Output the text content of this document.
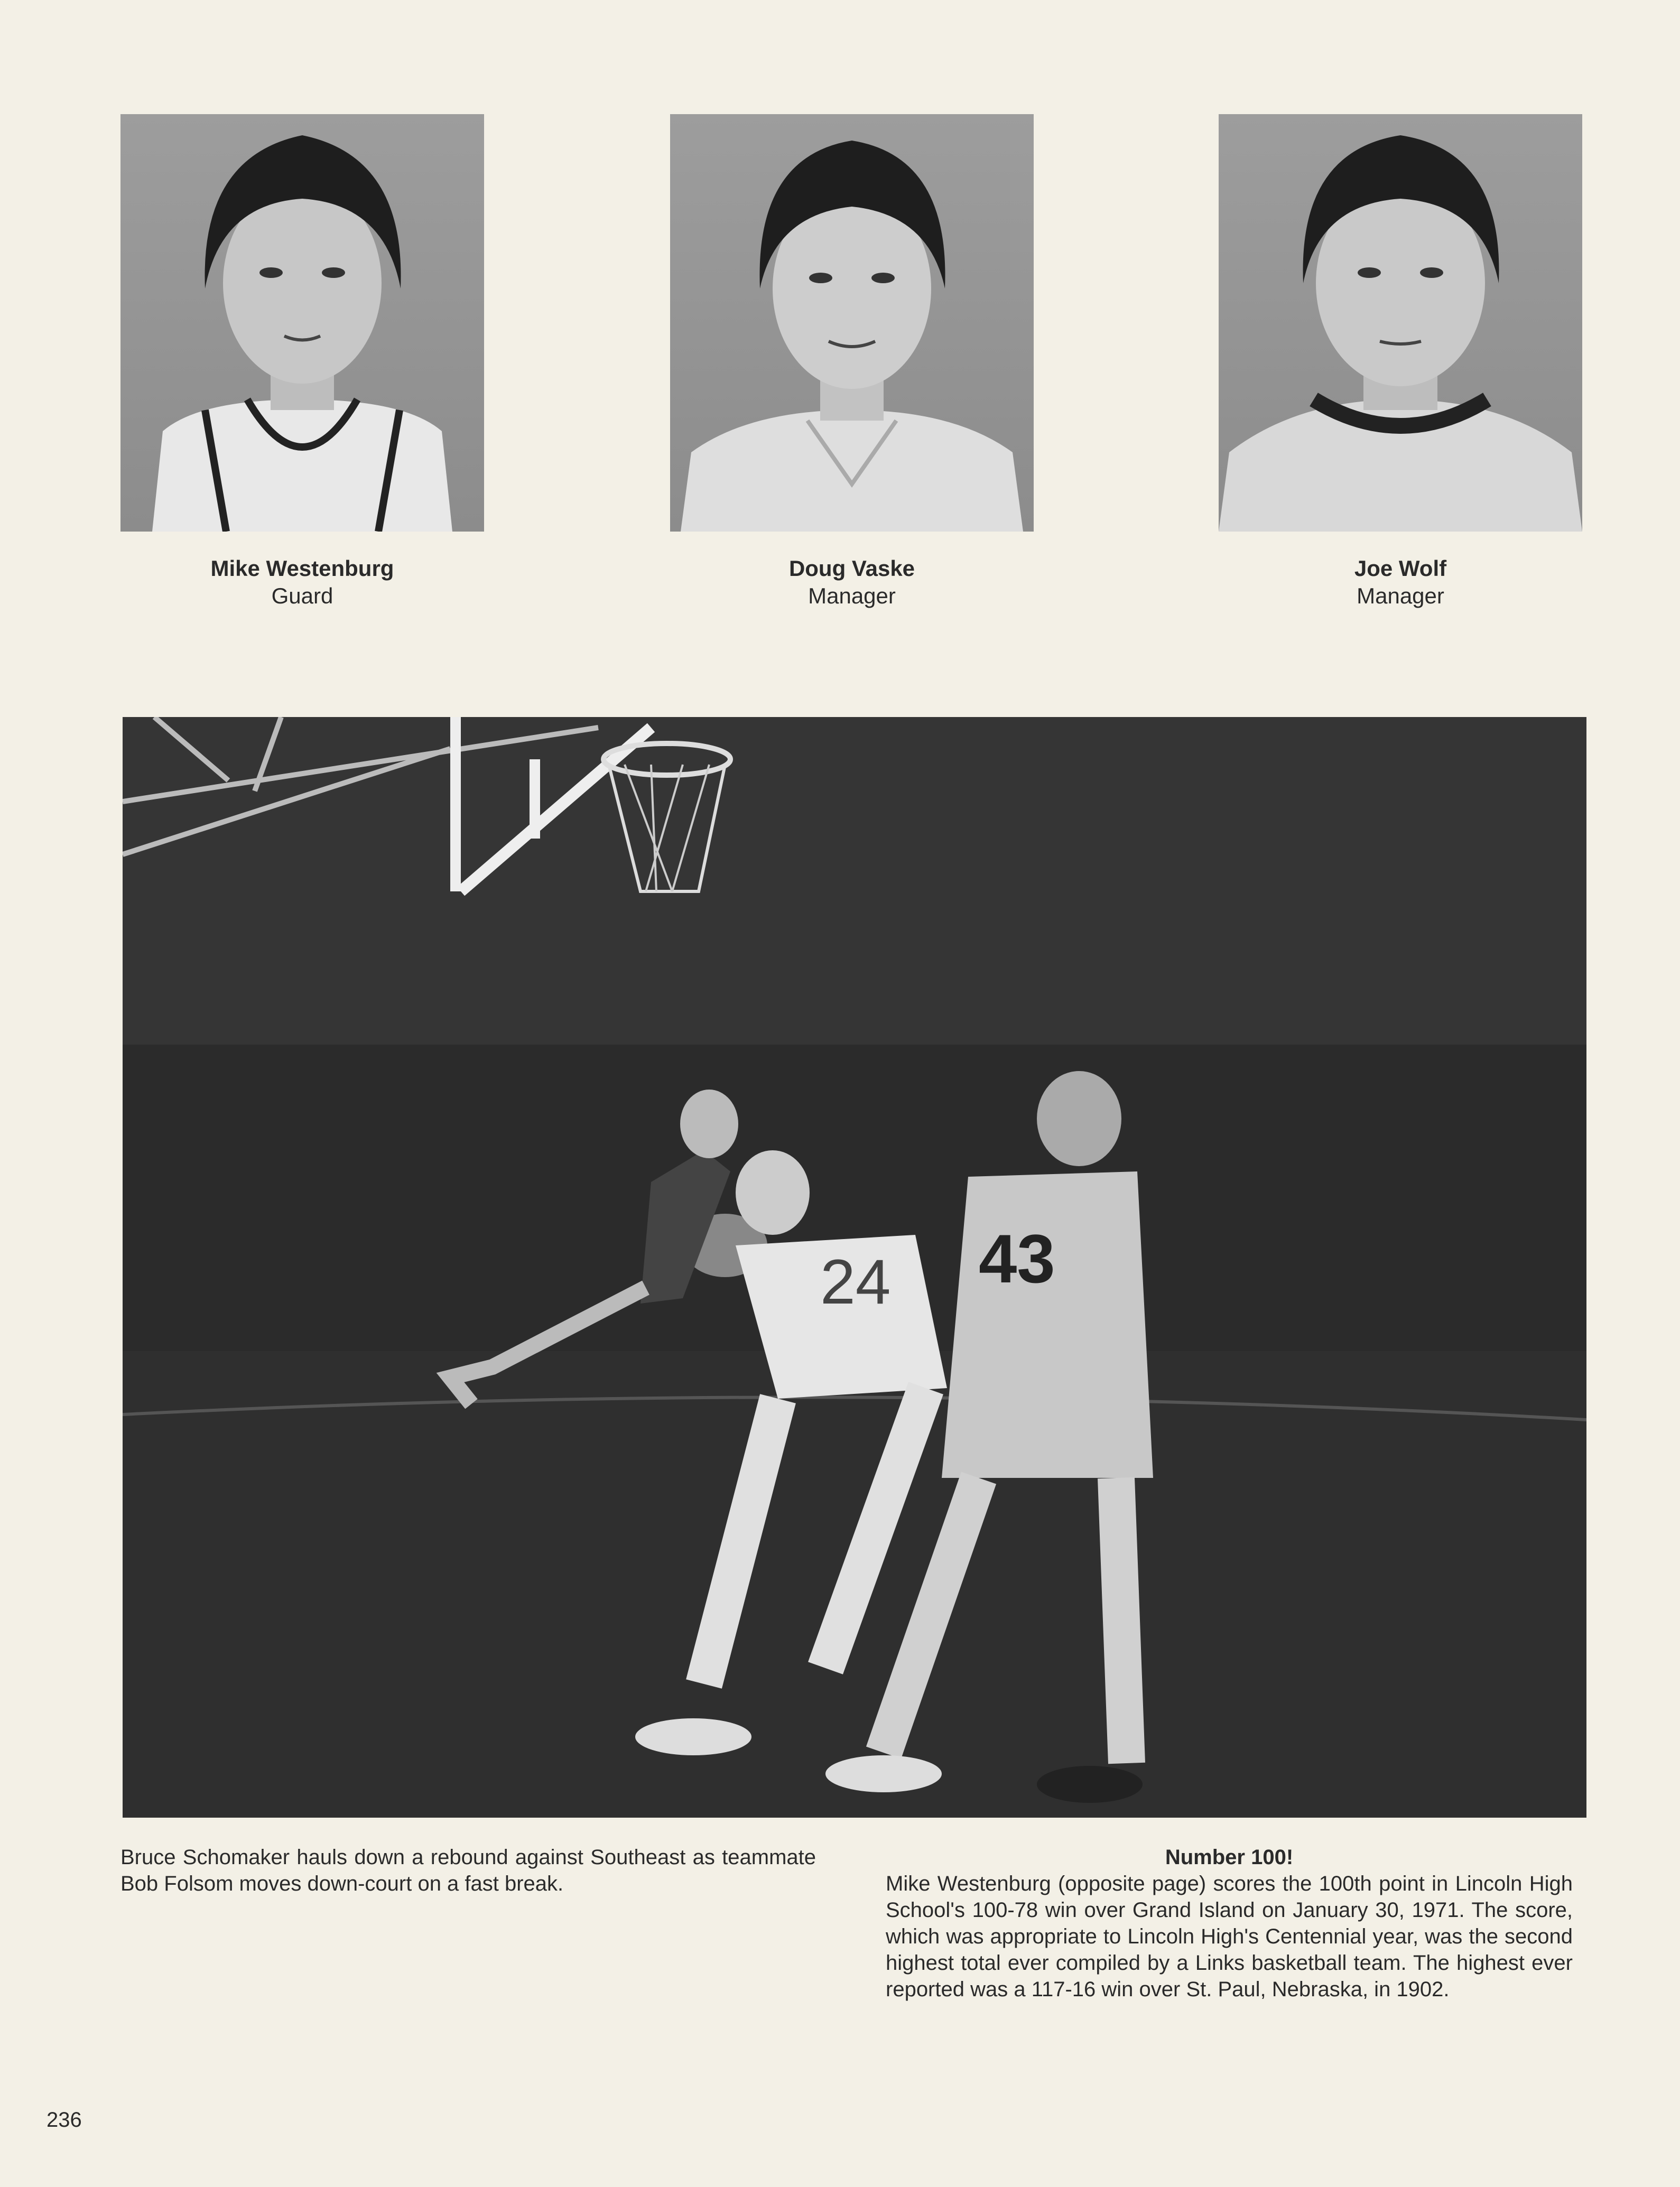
Mike Westenburg
Guard
Doug Vaske
Manager
Joe Wolf
Manager
24 43
Bruce Schomaker hauls down a rebound against Southeast as teammate Bob Folsom moves down-court on a fast break.
Number 100!
Mike Westenburg (opposite page) scores the 100th point in Lincoln High School's 100-78 win over Grand Island on January 30, 1971. The score, which was appropriate to Lincoln High's Centennial year, was the second highest total ever compiled by a Links basketball team. The highest ever reported was a 117-16 win over St. Paul, Nebraska, in 1902.
236
